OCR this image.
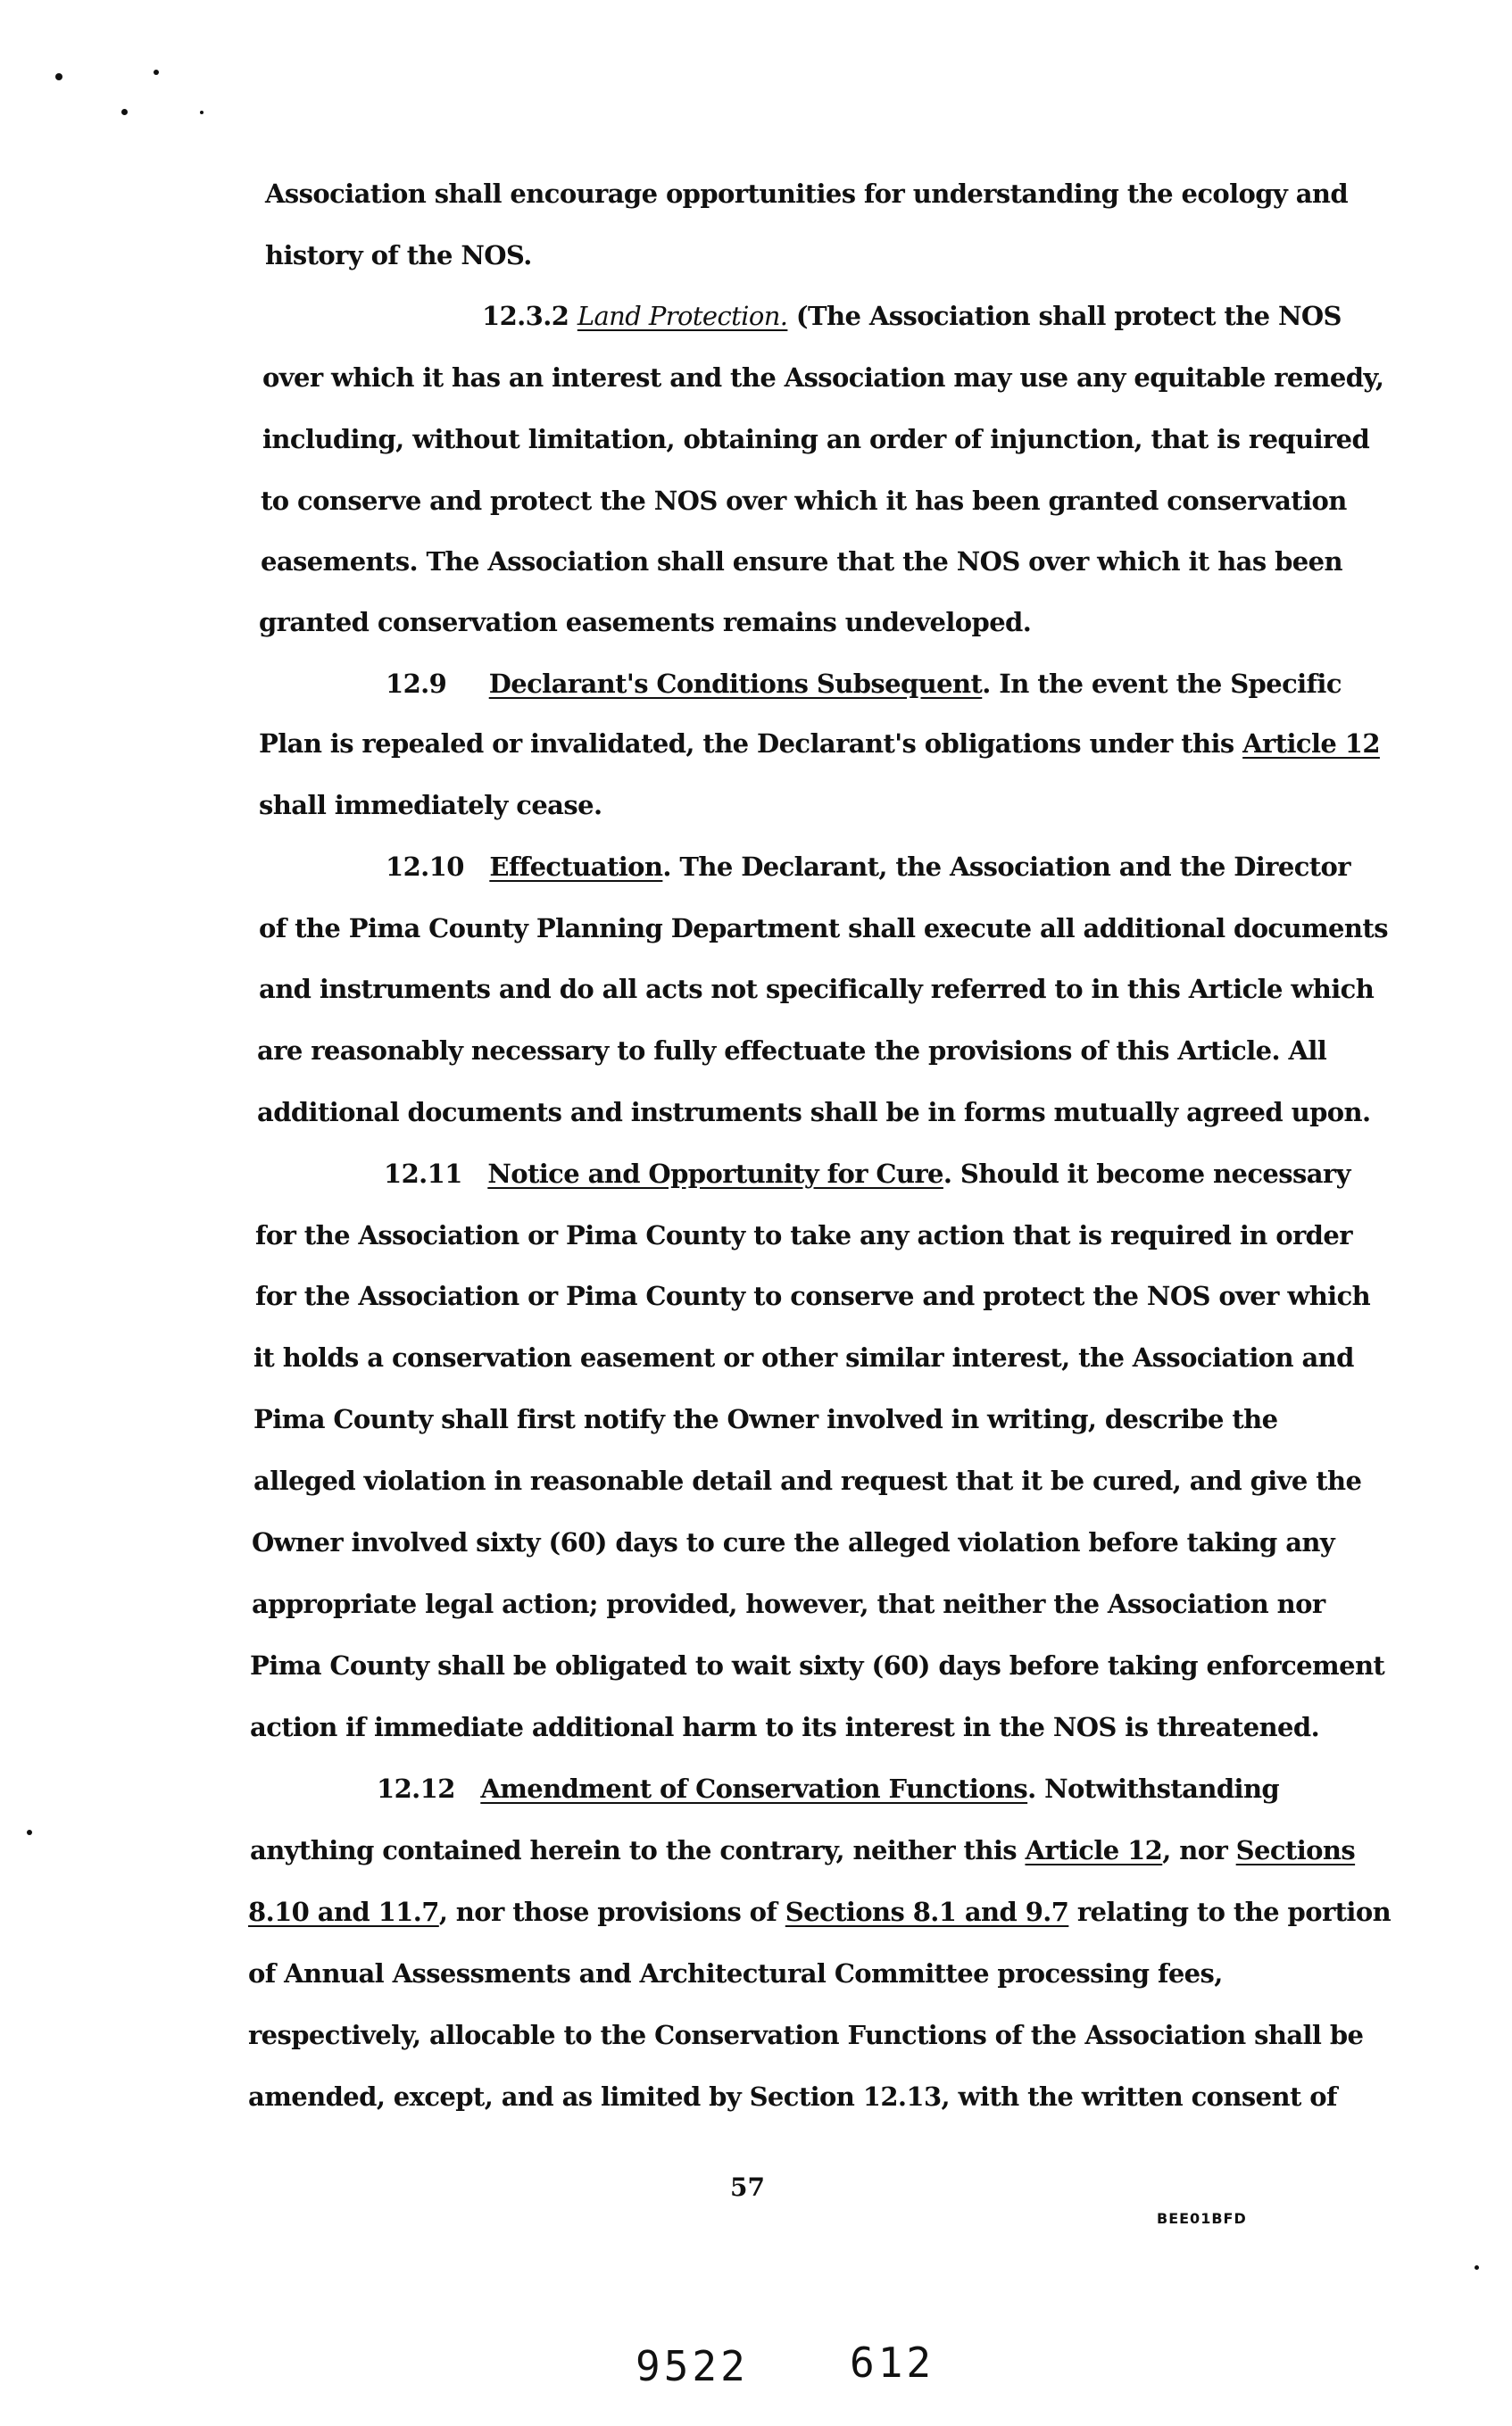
Association shall encourage opportunities for understanding the ecology and
history of the NOS.
12.3.2 Land Protection. (The Association shall protect the NOS
over which it has an interest and the Association may use any equitable remedy,
including, without limitation, obtaining an order of injunction, that is required
to conserve and protect the NOS over which it has been granted conservation
easements. The Association shall ensure that the NOS over which it has been
granted conservation easements remains undeveloped.
12.9     Declarant's Conditions Subsequent. In the event the Specific
Plan is repealed or invalidated, the Declarant's obligations under this Article 12
shall immediately cease.
12.10   Effectuation. The Declarant, the Association and the Director
of the Pima County Planning Department shall execute all additional documents
and instruments and do all acts not specifically referred to in this Article which
are reasonably necessary to fully effectuate the provisions of this Article. All
additional documents and instruments shall be in forms mutually agreed upon.
12.11   Notice and Opportunity for Cure. Should it become necessary
for the Association or Pima County to take any action that is required in order
for the Association or Pima County to conserve and protect the NOS over which
it holds a conservation easement or other similar interest, the Association and
Pima County shall first notify the Owner involved in writing, describe the
alleged violation in reasonable detail and request that it be cured, and give the
Owner involved sixty (60) days to cure the alleged violation before taking any
appropriate legal action; provided, however, that neither the Association nor
Pima County shall be obligated to wait sixty (60) days before taking enforcement
action if immediate additional harm to its interest in the NOS is threatened.
12.12   Amendment of Conservation Functions. Notwithstanding
anything contained herein to the contrary, neither this Article 12, nor Sections
8.10 and 11.7, nor those provisions of Sections 8.1 and 9.7 relating to the portion
of Annual Assessments and Architectural Committee processing fees,
respectively, allocable to the Conservation Functions of the Association shall be
amended, except, and as limited by Section 12.13, with the written consent of
57
BEE01BFD
9522 612
